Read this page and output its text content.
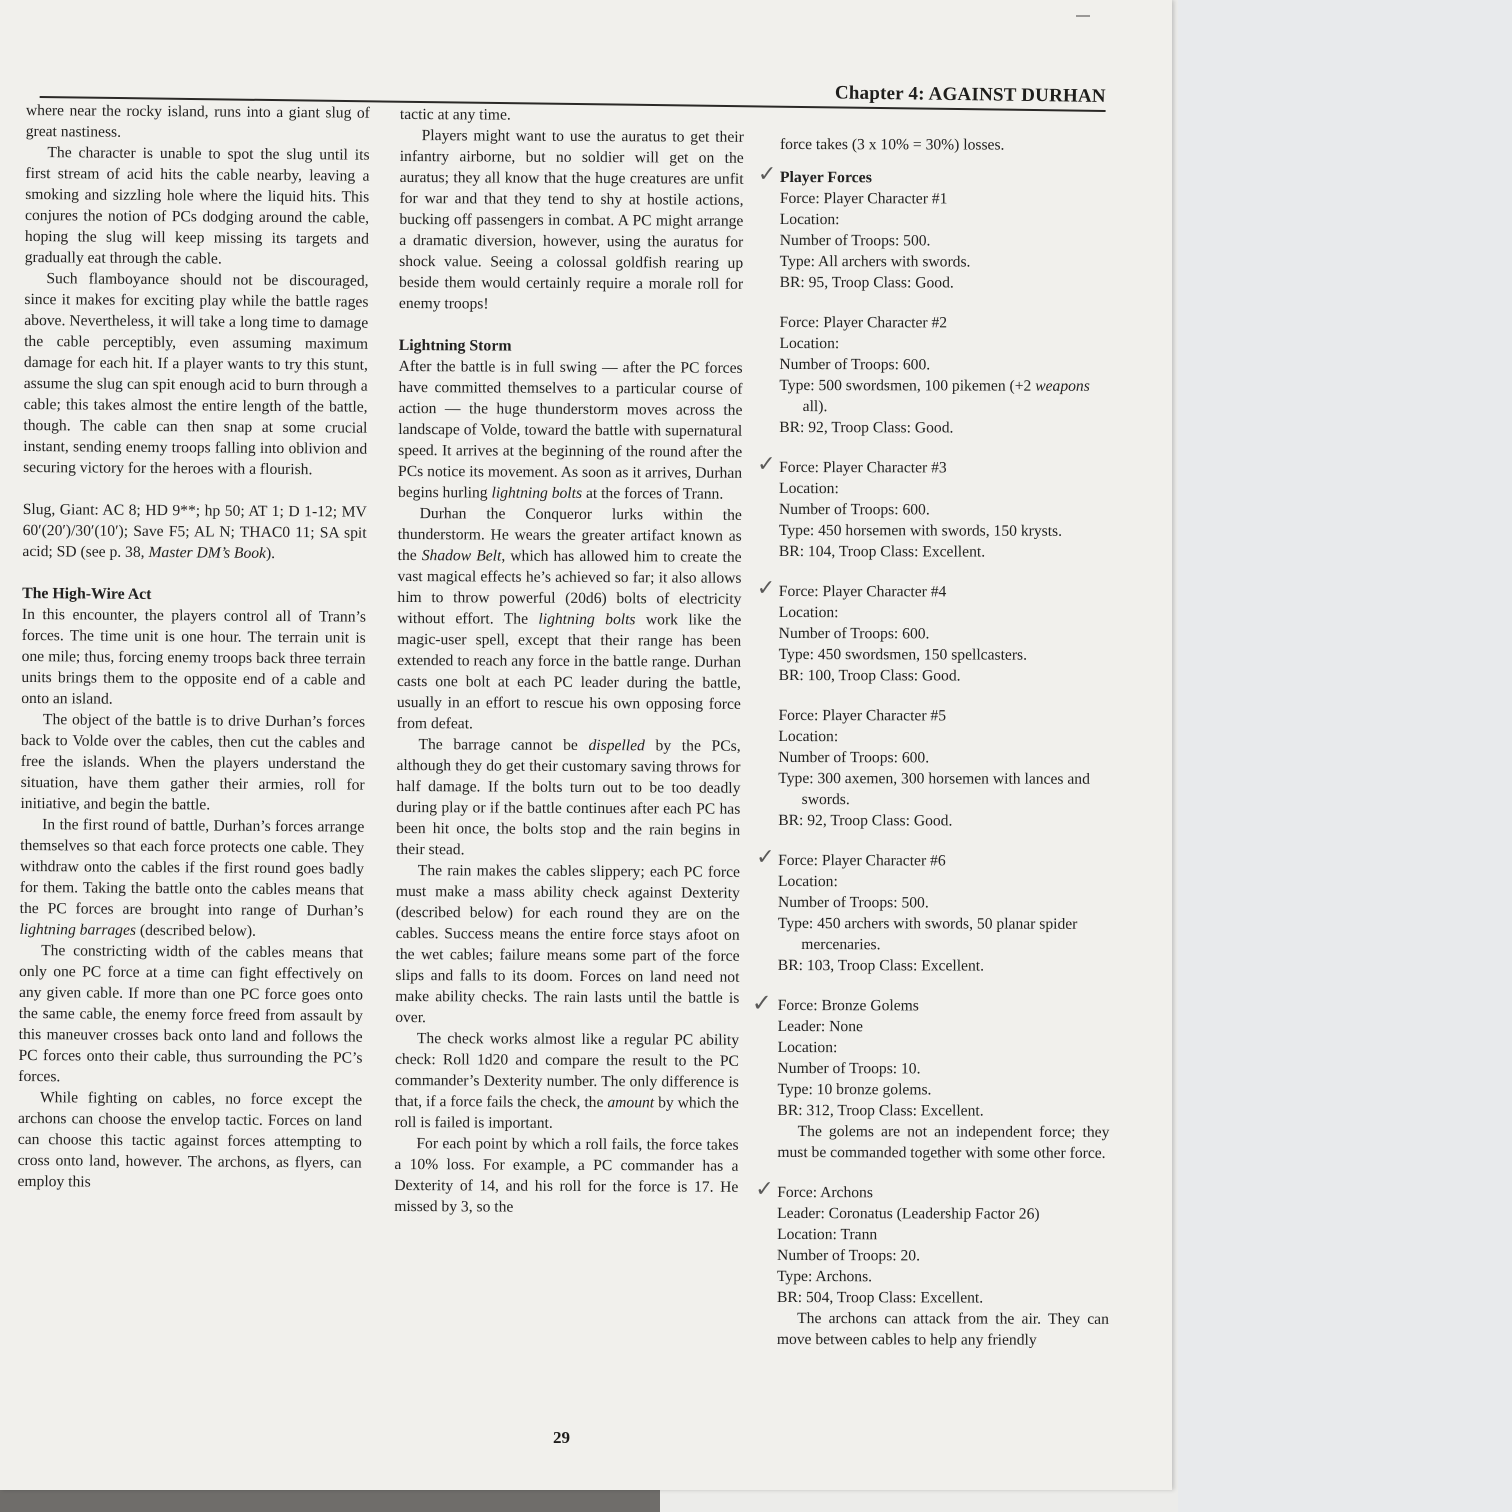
Chapter 4: AGAINST DURHAN

where near the rocky island, runs into a giant slug of great nastiness.

The character is unable to spot the slug until its first stream of acid hits the cable nearby, leaving a smoking and sizzling hole where the liquid hits. This conjures the notion of PCs dodging around the cable, hoping the slug will keep missing its targets and gradually eat through the cable.

Such flamboyance should not be discouraged, since it makes for exciting play while the battle rages above. Nevertheless, it will take a long time to damage the cable perceptibly, even assuming maximum damage for each hit. If a player wants to try this stunt, assume the slug can spit enough acid to burn through a cable; this takes almost the entire length of the battle, though. The cable can then snap at some crucial instant, sending enemy troops falling into oblivion and securing victory for the heroes with a flourish.

Slug, Giant: AC 8; HD 9**; hp 50; AT 1; D 1-12; MV 60′(20′)/30′(10′); Save F5; AL N; THAC0 11; SA spit acid; SD (see p. 38, Master DM’s Book).

The High-Wire Act

In this encounter, the players control all of Trann’s forces. The time unit is one hour. The terrain unit is one mile; thus, forcing enemy troops back three terrain units brings them to the opposite end of a cable and onto an island.

The object of the battle is to drive Durhan’s forces back to Volde over the cables, then cut the cables and free the islands. When the players understand the situation, have them gather their armies, roll for initiative, and begin the battle.

In the first round of battle, Durhan’s forces arrange themselves so that each force protects one cable. They withdraw onto the cables if the first round goes badly for them. Taking the battle onto the cables means that the PC forces are brought into range of Durhan’s lightning barrages (described below).

The constricting width of the cables means that only one PC force at a time can fight effectively on any given cable. If more than one PC force goes onto the same cable, the enemy force freed from assault by this maneuver crosses back onto land and follows the PC forces onto their cable, thus surrounding the PC’s forces.

While fighting on cables, no force except the archons can choose the envelop tactic. Forces on land can choose this tactic against forces attempting to cross onto land, however. The archons, as flyers, can employ this

tactic at any time.

Players might want to use the auratus to get their infantry airborne, but no soldier will get on the auratus; they all know that the huge creatures are unfit for war and that they tend to shy at hostile actions, bucking off passengers in combat. A PC might arrange a dramatic diversion, however, using the auratus for shock value. Seeing a colossal goldfish rearing up beside them would certainly require a morale roll for enemy troops!

Lightning Storm

After the battle is in full swing — after the PC forces have committed themselves to a particular course of action — the huge thunderstorm moves across the landscape of Volde, toward the battle with supernatural speed. It arrives at the beginning of the round after the PCs notice its movement. As soon as it arrives, Durhan begins hurling lightning bolts at the forces of Trann.

Durhan the Conqueror lurks within the thunderstorm. He wears the greater artifact known as the Shadow Belt, which has allowed him to create the vast magical effects he’s achieved so far; it also allows him to throw powerful (20d6) bolts of electricity without effort. The lightning bolts work like the magic-user spell, except that their range has been extended to reach any force in the battle range. Durhan casts one bolt at each PC leader during the battle, usually in an effort to rescue his own opposing force from defeat.

The barrage cannot be dispelled by the PCs, although they do get their customary saving throws for half damage. If the bolts turn out to be too deadly during play or if the battle continues after each PC has been hit once, the bolts stop and the rain begins in their stead.

The rain makes the cables slippery; each PC force must make a mass ability check against Dexterity (described below) for each round they are on the cables. Success means the entire force stays afoot on the wet cables; failure means some part of the force slips and falls to its doom. Forces on land need not make ability checks. The rain lasts until the battle is over.

The check works almost like a regular PC ability check: Roll 1d20 and compare the result to the PC commander’s Dexterity number. The only difference is that, if a force fails the check, the amount by which the roll is failed is important.

For each point by which a roll fails, the force takes a 10% loss. For example, a PC commander has a Dexterity of 14, and his roll for the force is 17. He missed by 3, so the

force takes (3 x 10% = 30%) losses.

✓ Player Forces
Force: Player Character #1
Location:
Number of Troops: 500.
Type: All archers with swords.
BR: 95, Troop Class: Good.
Force: Player Character #2
Location:
Number of Troops: 600.
Type: 500 swordsmen, 100 pikemen (+2 weapons all).
BR: 92, Troop Class: Good.
✓ Force: Player Character #3
Location:
Number of Troops: 600.
Type: 450 horsemen with swords, 150 krysts.
BR: 104, Troop Class: Excellent.
✓ Force: Player Character #4
Location:
Number of Troops: 600.
Type: 450 swordsmen, 150 spellcasters.
BR: 100, Troop Class: Good.
Force: Player Character #5
Location:
Number of Troops: 600.
Type: 300 axemen, 300 horsemen with lances and swords.
BR: 92, Troop Class: Good.
✓ Force: Player Character #6
Location:
Number of Troops: 500.
Type: 450 archers with swords, 50 planar spider mercenaries.
BR: 103, Troop Class: Excellent.
✓ Force: Bronze Golems
Leader: None
Location:
Number of Troops: 10.
Type: 10 bronze golems.
BR: 312, Troop Class: Excellent.
The golems are not an independent force; they must be commanded together with some other force.
✓ Force: Archons
Leader: Coronatus (Leadership Factor 26)
Location: Trann
Number of Troops: 20.
Type: Archons.
BR: 504, Troop Class: Excellent.
The archons can attack from the air. They can move between cables to help any friendly

29
